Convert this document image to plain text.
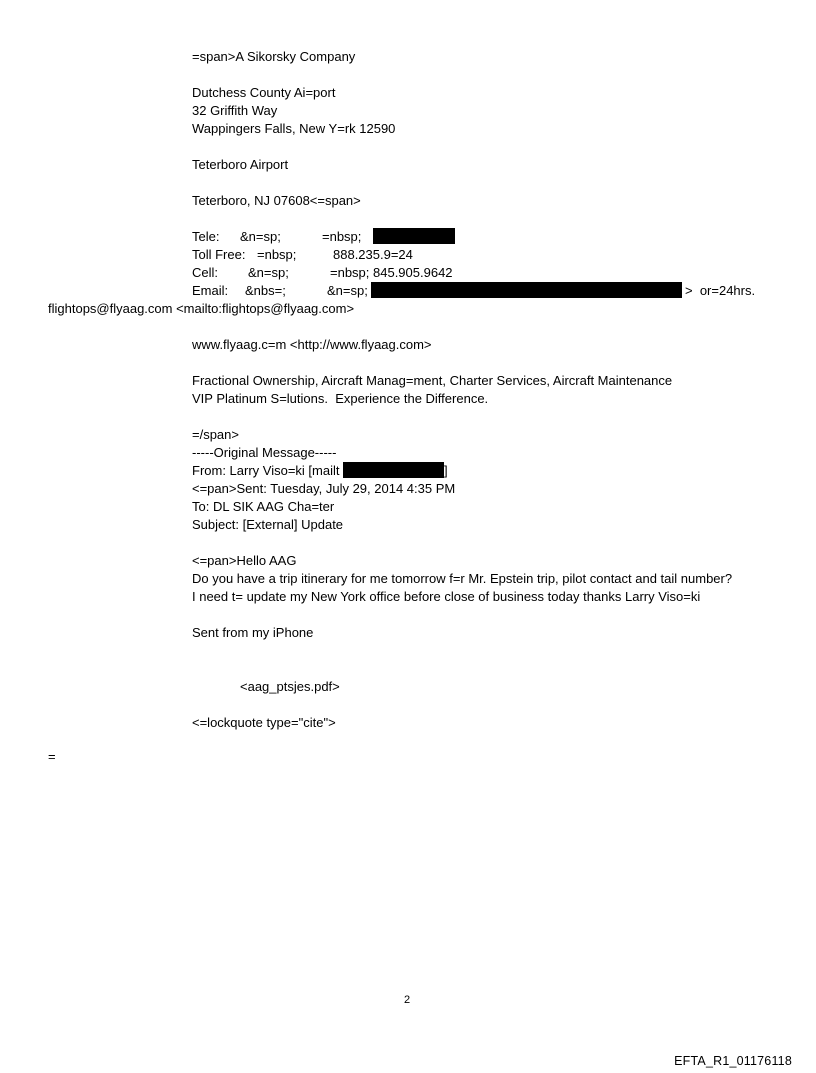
=span>A Sikorsky Company
Dutchess County Ai=port
32 Griffith Way
Wappingers Falls, New Y=rk 12590
Teterboro Airport
Teterboro, NJ 07608<=span>
Tele: &n=sp;	=nbsp;
Toll Free: =nbsp;	888.235.9=24
Cell: &n=sp;	=nbsp; 845.905.9642
Email: &nbs=;	&n=sp;	>  or=24hrs.
flightops@flyaag.com <mailto:flightops@flyaag.com>
www.flyaag.c=m <http://www.flyaag.com>
Fractional Ownership, Aircraft Manag=ment, Charter Services, Aircraft Maintenance
VIP Platinum S=lutions.  Experience the Difference.
=/span>
-----Original Message-----
From: Larry Viso=ki [mailt	]
<=pan>Sent: Tuesday, July 29, 2014 4:35 PM
To: DL SIK AAG Cha=ter
Subject: [External] Update
<=pan>Hello AAG
Do you have a trip itinerary for me tomorrow f=r Mr. Epstein trip, pilot contact and tail number?
I need t= update my New York office before close of business today thanks Larry Viso=ki
Sent from my iPhone
<aag_ptsjes.pdf>
<=lockquote type="cite">
=
2
EFTA_R1_01176118
